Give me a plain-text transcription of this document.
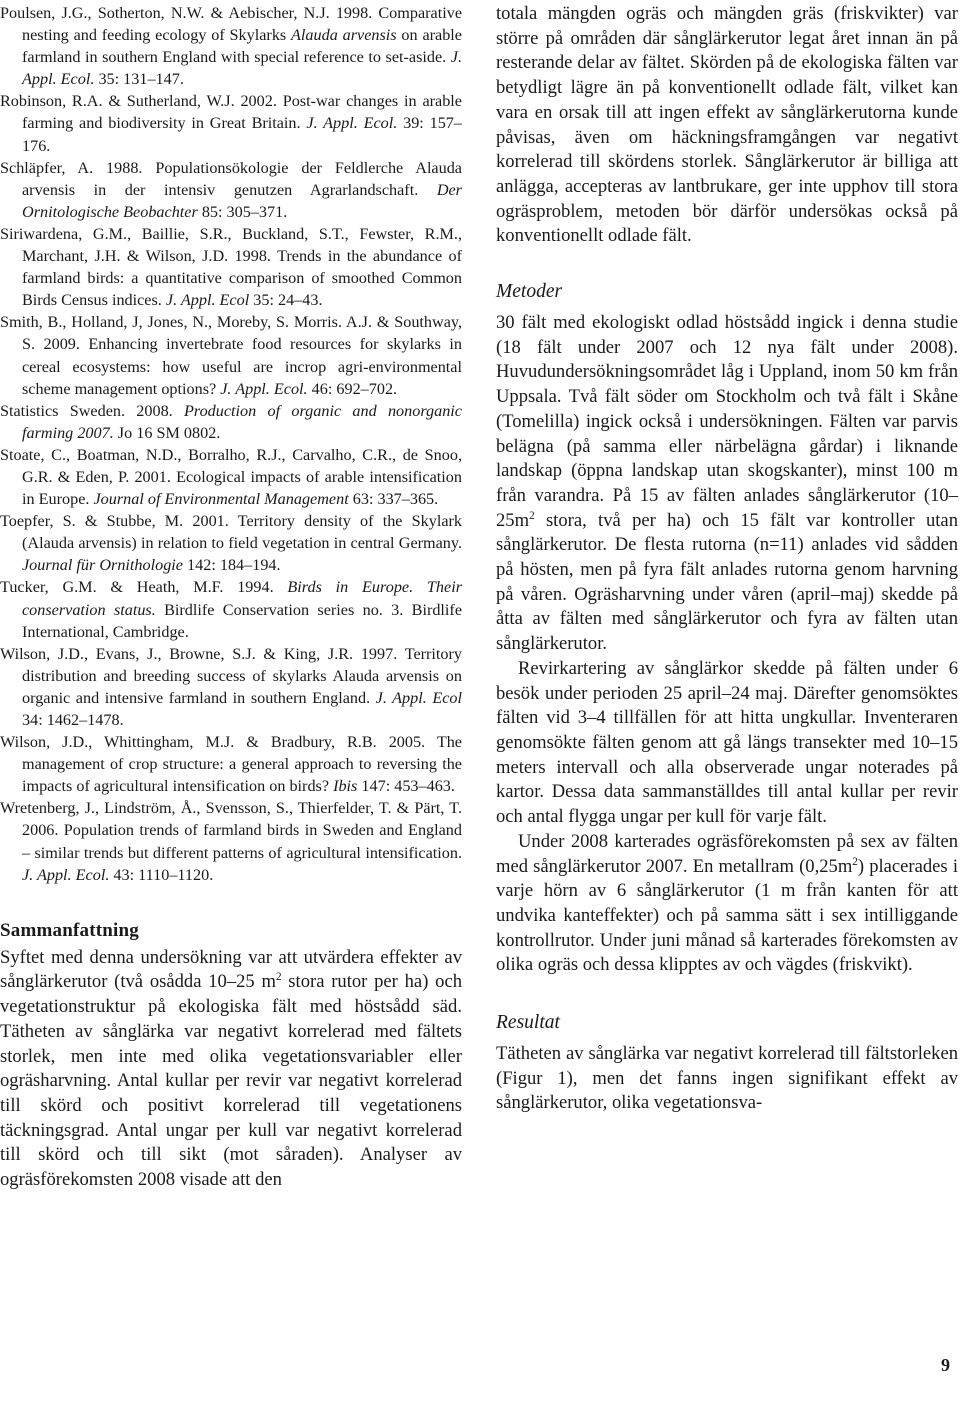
Poulsen, J.G., Sotherton, N.W. & Aebischer, N.J. 1998. Comparative nesting and feeding ecology of Skylarks Alauda arvensis on arable farmland in southern England with special reference to set-aside. J. Appl. Ecol. 35: 131–147.
Robinson, R.A. & Sutherland, W.J. 2002. Post-war changes in arable farming and biodiversity in Great Britain. J. Appl. Ecol. 39: 157–176.
Schläpfer, A. 1988. Populationsökologie der Feldlerche Alauda arvensis in der intensiv genutzen Agrarlandschaft. Der Ornitologische Beobachter 85: 305–371.
Siriwardena, G.M., Baillie, S.R., Buckland, S.T., Fewster, R.M., Marchant, J.H. & Wilson, J.D. 1998. Trends in the abundance of farmland birds: a quantitative comparison of smoothed Common Birds Census indices. J. Appl. Ecol 35: 24–43.
Smith, B., Holland, J, Jones, N., Moreby, S. Morris. A.J. & Southway, S. 2009. Enhancing invertebrate food resources for skylarks in cereal ecosystems: how useful are incrop agri-environmental scheme management options? J. Appl. Ecol. 46: 692–702.
Statistics Sweden. 2008. Production of organic and nonorganic farming 2007. Jo 16 SM 0802.
Stoate, C., Boatman, N.D., Borralho, R.J., Carvalho, C.R., de Snoo, G.R. & Eden, P. 2001. Ecological impacts of arable intensification in Europe. Journal of Environmental Management 63: 337–365.
Toepfer, S. & Stubbe, M. 2001. Territory density of the Skylark (Alauda arvensis) in relation to field vegetation in central Germany. Journal für Ornithologie 142: 184–194.
Tucker, G.M. & Heath, M.F. 1994. Birds in Europe. Their conservation status. Birdlife Conservation series no. 3. Birdlife International, Cambridge.
Wilson, J.D., Evans, J., Browne, S.J. & King, J.R. 1997. Territory distribution and breeding success of skylarks Alauda arvensis on organic and intensive farmland in southern England. J. Appl. Ecol 34: 1462–1478.
Wilson, J.D., Whittingham, M.J. & Bradbury, R.B. 2005. The management of crop structure: a general approach to reversing the impacts of agricultural intensification on birds? Ibis 147: 453–463.
Wretenberg, J., Lindström, Å., Svensson, S., Thierfelder, T. & Pärt, T. 2006. Population trends of farmland birds in Sweden and England – similar trends but different patterns of agricultural intensification. J. Appl. Ecol. 43: 1110–1120.
Sammanfattning

Syftet med denna undersökning var att utvärdera effekter av sånglärkerutor (två osådda 10–25 $m^2$ stora rutor per ha) och vegetationstruktur på ekologiska fält med höstsådd säd. Tätheten av sånglärka var negativt korrelerad med fältets storlek, men inte med olika vegetationsvariabler eller ogräsharvning. Antal kullar per revir var negativt korrelerad till skörd och positivt korrelerad till vegetationens täckningsgrad. Antal ungar per kull var negativt korrelerad till skörd och till sikt (mot såraden). Analyser av ogräsförekomsten 2008 visade att den

totala mängden ogräs och mängden gräs (friskvikter) var större på områden där sånglärkerutor legat året innan än på resterande delar av fältet. Skörden på de ekologiska fälten var betydligt lägre än på konventionellt odlade fält, vilket kan vara en orsak till att ingen effekt av sånglärkerutorna kunde påvisas, även om häckningsframgången var negativt korrelerad till skördens storlek. Sånglärkerutor är billiga att anlägga, accepteras av lantbrukare, ger inte upphov till stora ogräsproblem, metoden bör därför undersökas också på konventionellt odlade fält.

Metoder

30 fält med ekologiskt odlad höstsådd ingick i denna studie (18 fält under 2007 och 12 nya fält under 2008). Huvudundersökningsområdet låg i Uppland, inom 50 km från Uppsala. Två fält söder om Stockholm och två fält i Skåne (Tomelilla) ingick också i undersökningen. Fälten var parvis belägna (på samma eller närbelägna gårdar) i liknande landskap (öppna landskap utan skogskanter), minst 100 m från varandra. På 15 av fälten anlades sånglärkerutor ($10-25m^2$ stora, två per ha) och 15 fält var kontroller utan sånglärkerutor. De flesta rutorna (n=11) anlades vid sådden på hösten, men på fyra fält anlades rutorna genom harvning på våren. Ogräsharvning under våren (april–maj) skedde på åtta av fälten med sånglärkerutor och fyra av fälten utan sånglärkerutor.

Revirkartering av sånglärkor skedde på fälten under 6 besök under perioden 25 april–24 maj. Därefter genomsöktes fälten vid 3–4 tillfällen för att hitta ungkullar. Inventeraren genomsökte fälten genom att gå längs transekter med 10–15 meters intervall och alla observerade ungar noterades på kartor. Dessa data sammanställdes till antal kullar per revir och antal flygga ungar per kull för varje fält.

Under 2008 karterades ogräsförekomsten på sex av fälten med sånglärkerutor 2007. En metallram $(0,25m^2)$ placerades i varje hörn av 6 sånglärkerutor (1 m från kanten för att undvika kanteffekter) och på samma sätt i sex intilliggande kontrollrutor. Under juni månad så karterades förekomsten av olika ogräs och dessa klipptes av och vägdes (friskvikt).

Resultat

Tätheten av sånglärka var negativt korrelerad till fältstorleken (Figur 1), men det fanns ingen signifikant effekt av sånglärkerutor, olika vegetationsva-

9
